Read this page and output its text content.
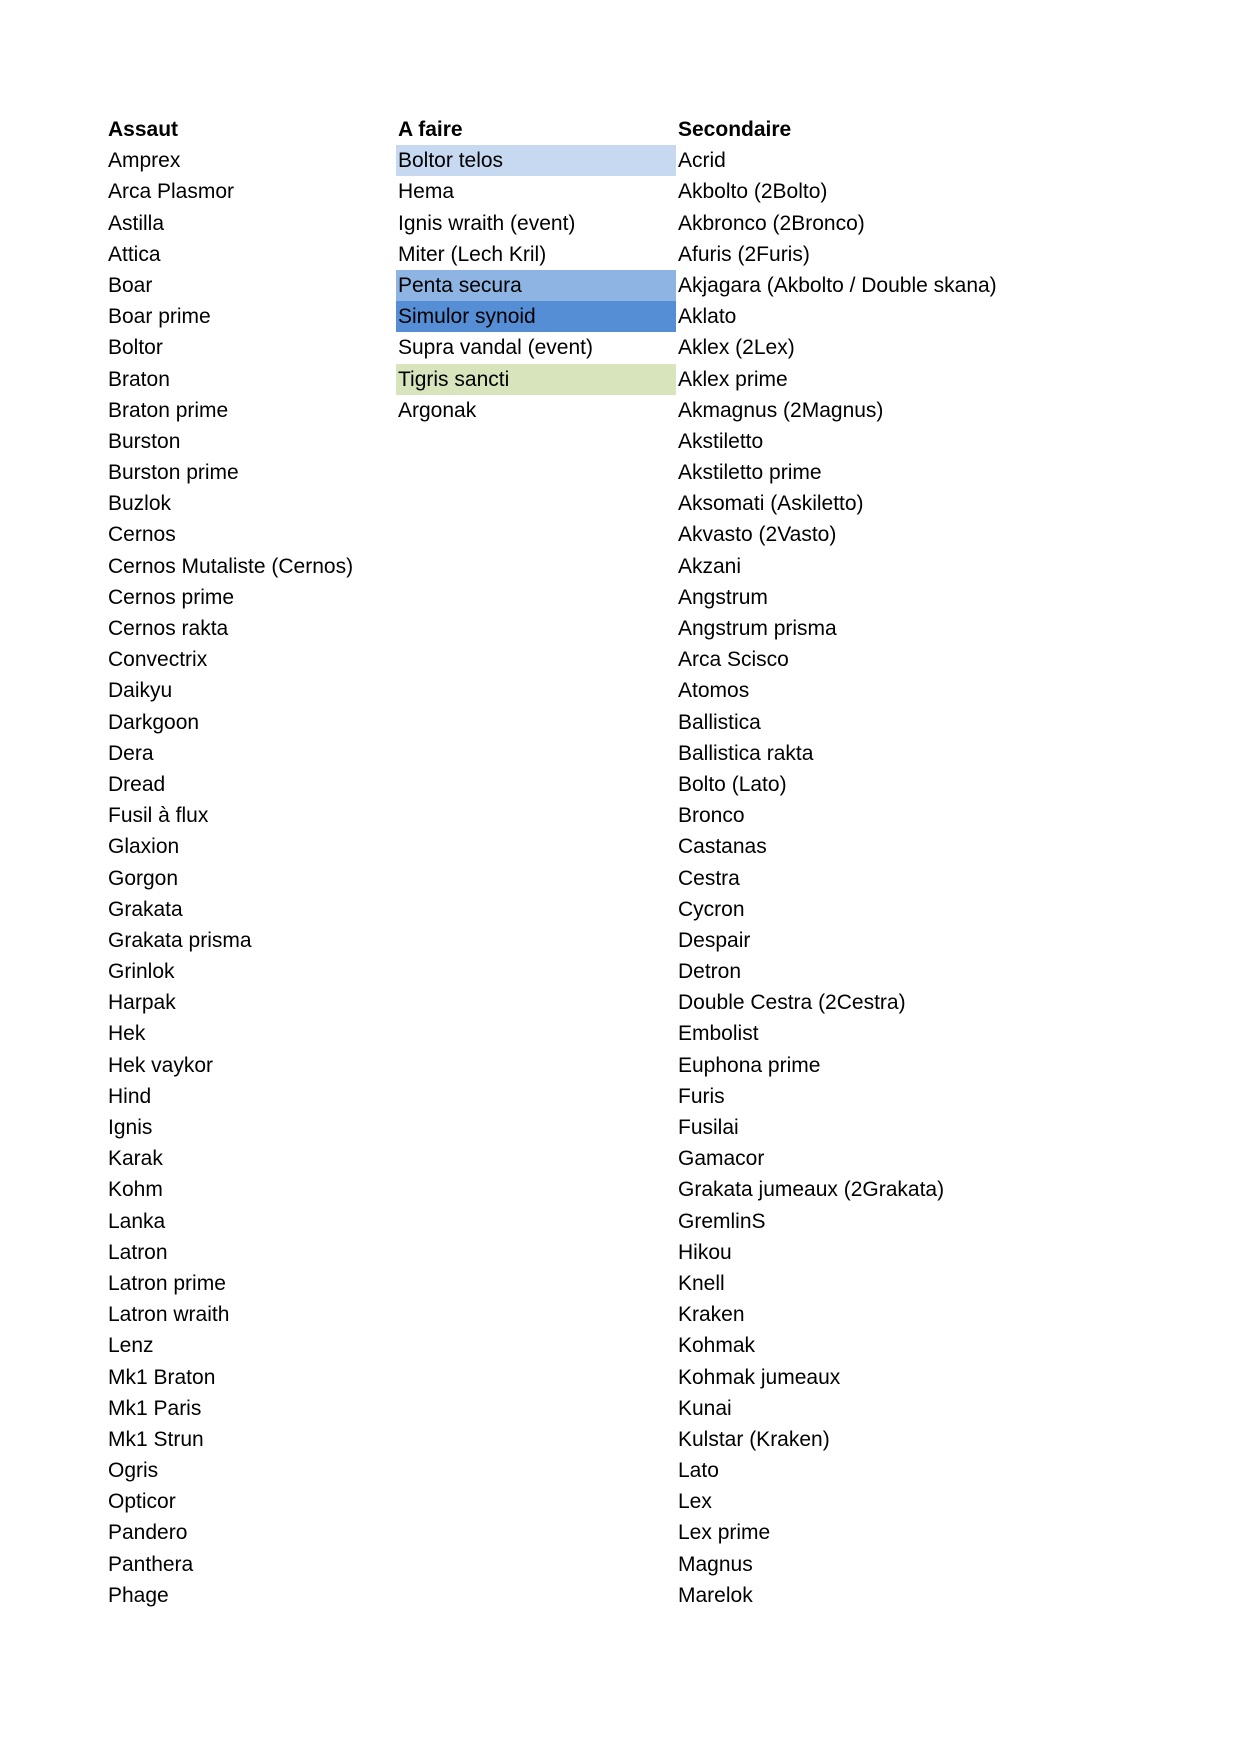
Assaut
Amprex
Arca Plasmor
Astilla
Attica
Boar
Boar prime
Boltor
Braton
Braton prime
Burston
Burston prime
Buzlok
Cernos
Cernos Mutaliste (Cernos)
Cernos prime
Cernos rakta
Convectrix
Daikyu
Darkgoon
Dera
Dread
Fusil à flux
Glaxion
Gorgon
Grakata
Grakata prisma
Grinlok
Harpak
Hek
Hek vaykor
Hind
Ignis
Karak
Kohm
Lanka
Latron
Latron prime
Latron wraith
Lenz
Mk1 Braton
Mk1 Paris
Mk1 Strun
Ogris
Opticor
Pandero
Panthera
Phage
A faire
Boltor telos
Hema
Ignis wraith (event)
Miter (Lech Kril)
Penta secura
Simulor synoid
Supra vandal (event)
Tigris sancti
Argonak
Secondaire
Acrid
Akbolto (2Bolto)
Akbronco (2Bronco)
Afuris (2Furis)
Akjagara (Akbolto / Double skana)
Aklato
Aklex (2Lex)
Aklex prime
Akmagnus (2Magnus)
Akstiletto
Akstiletto prime
Aksomati (Askiletto)
Akvasto (2Vasto)
Akzani
Angstrum
Angstrum prisma
Arca Scisco
Atomos
Ballistica
Ballistica rakta
Bolto (Lato)
Bronco
Castanas
Cestra
Cycron
Despair
Detron
Double Cestra (2Cestra)
Embolist
Euphona prime
Furis
Fusilai
Gamacor
Grakata jumeaux (2Grakata)
GremlinS
Hikou
Knell
Kraken
Kohmak
Kohmak jumeaux
Kunai
Kulstar (Kraken)
Lato
Lex
Lex prime
Magnus
Marelok
